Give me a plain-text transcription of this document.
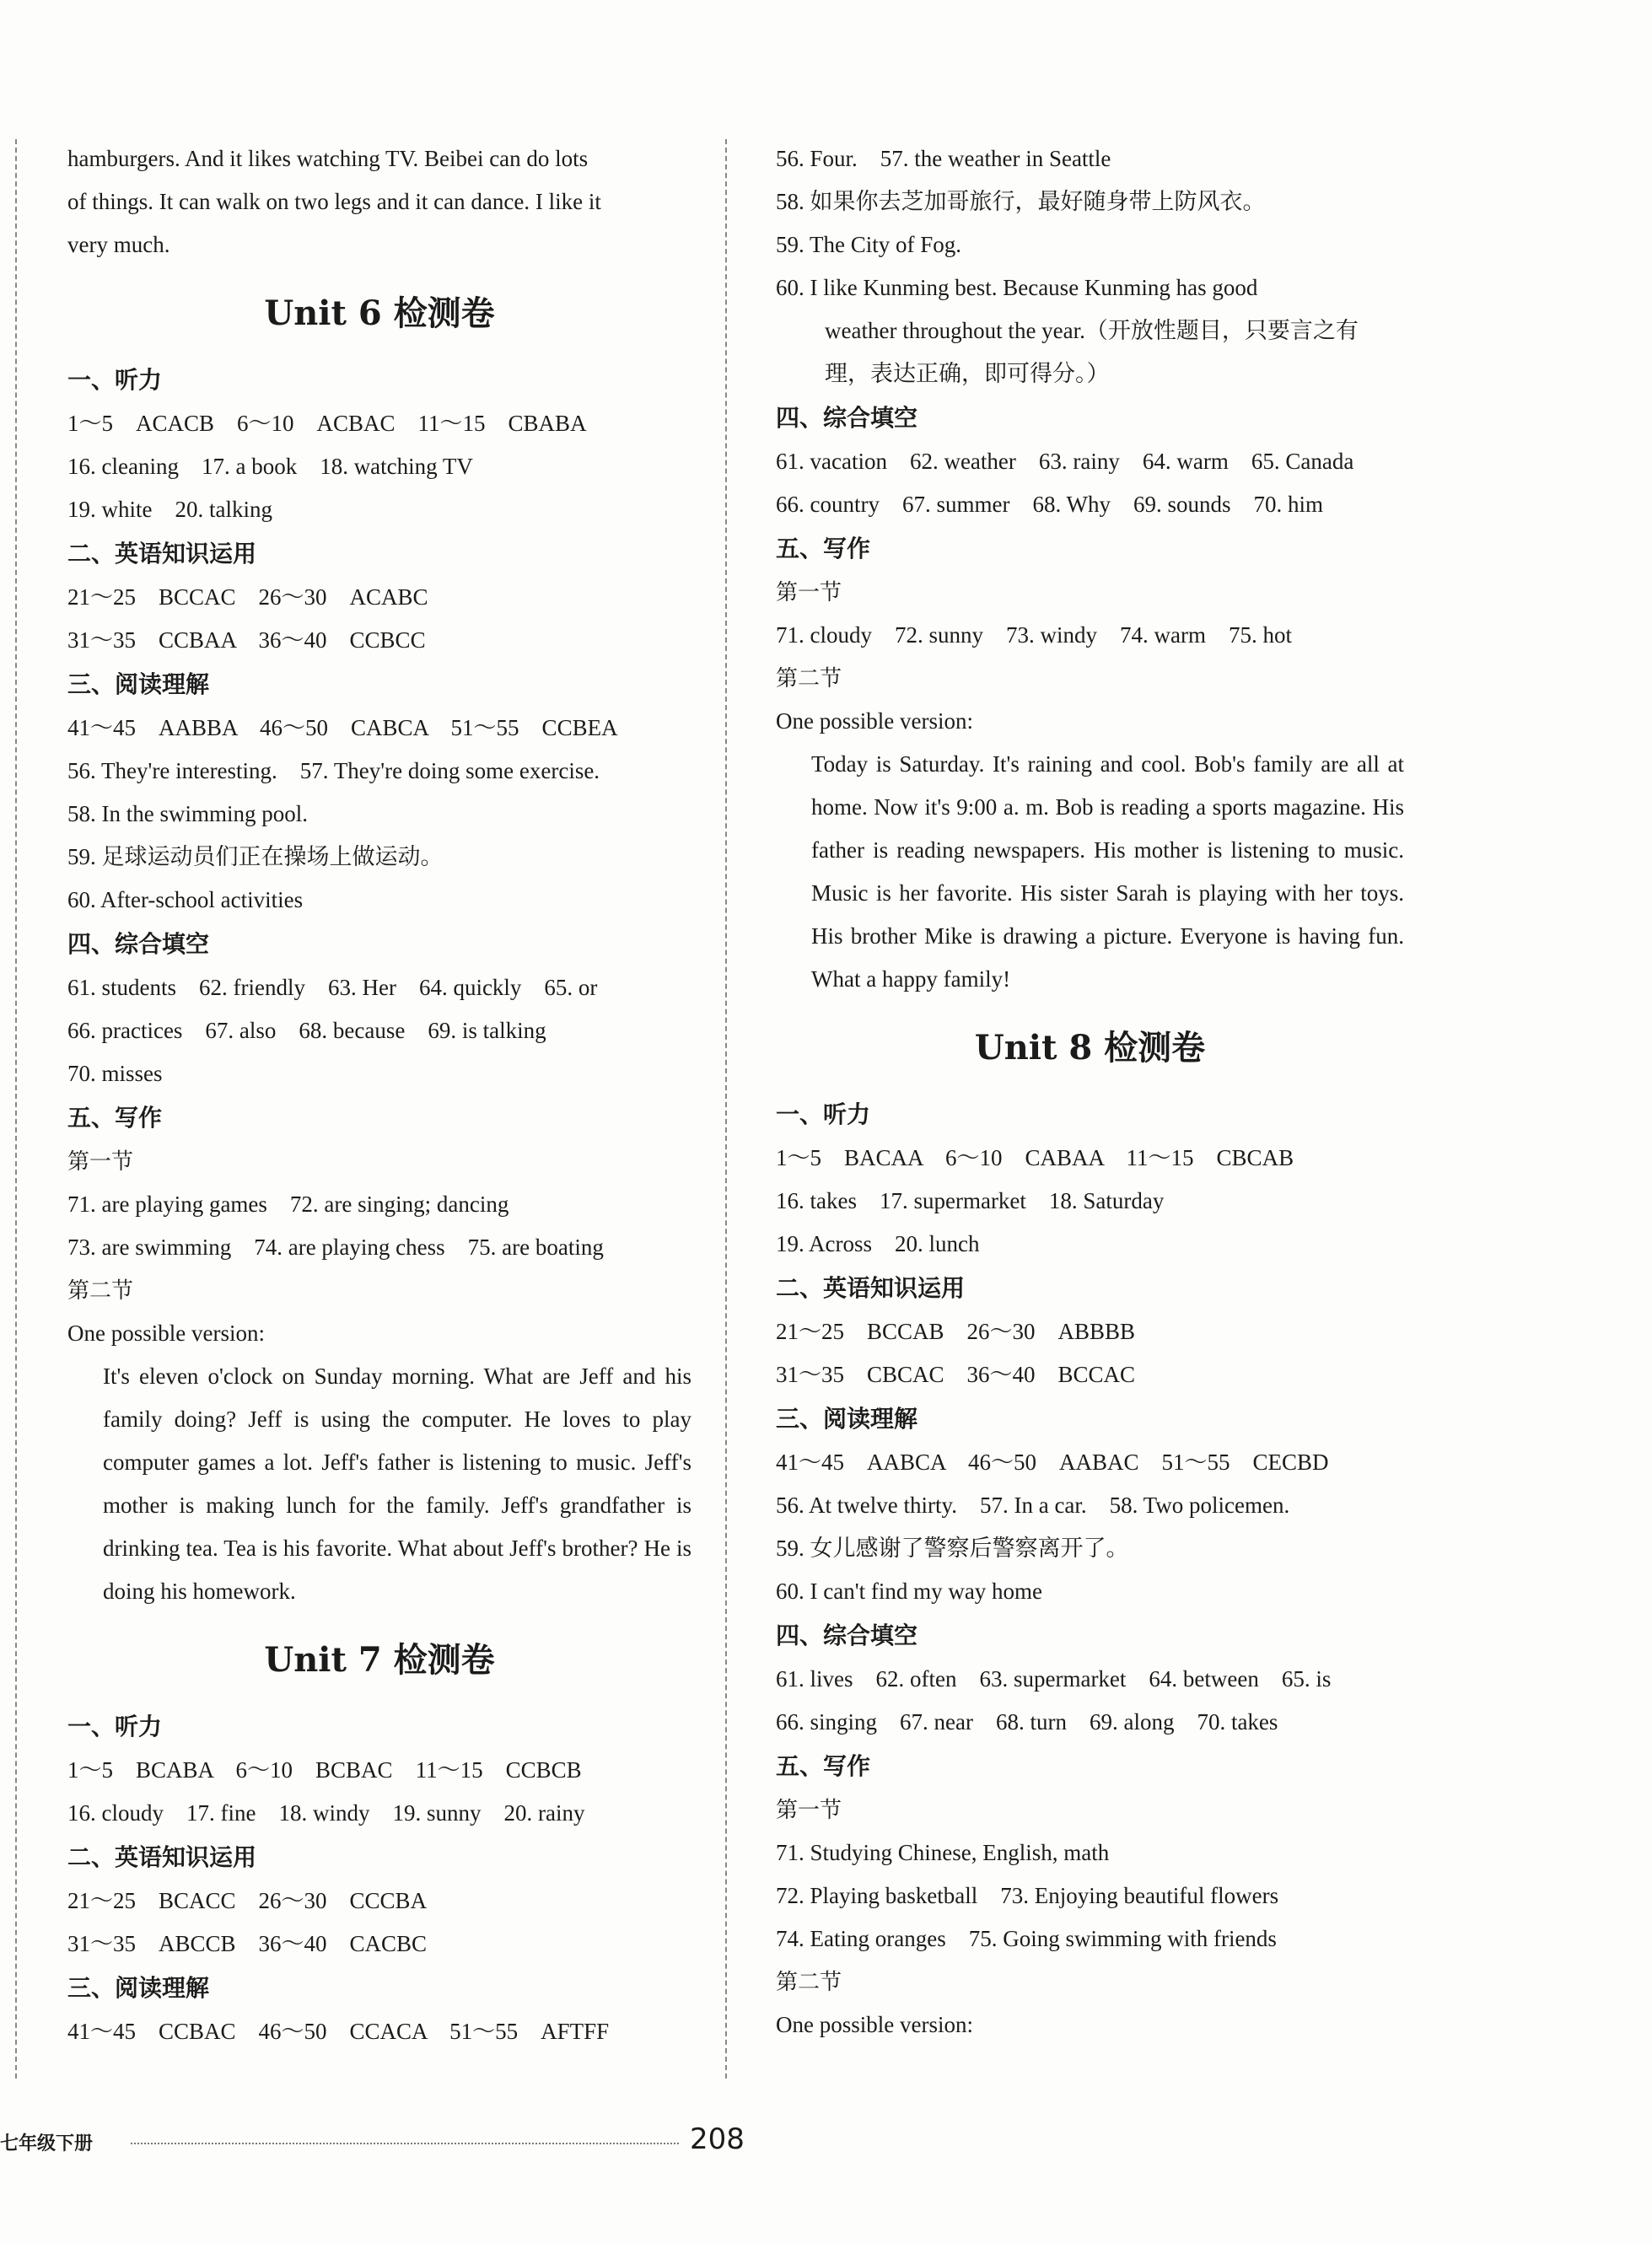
hamburgers. And it likes watching TV. Beibei can do lots
of things. It can walk on two legs and it can dance. I like it
very much.
Unit 6 检测卷
一、听力
1～5　ACACB　6～10　ACBAC　11～15　CBABA
16. cleaning　17. a book　18. watching TV
19. white　20. talking
二、英语知识运用
21～25　BCCAC　26～30　ACABC
31～35　CCBAA　36～40　CCBCC
三、阅读理解
41～45　AABBA　46～50　CABCA　51～55　CCBEA
56. They're interesting.　57. They're doing some exercise.
58. In the swimming pool.
59. 足球运动员们正在操场上做运动。
60. After-school activities
四、综合填空
61. students　62. friendly　63. Her　64. quickly　65. or
66. practices　67. also　68. because　69. is talking
70. misses
五、写作
第一节
71. are playing games　72. are singing; dancing
73. are swimming　74. are playing chess　75. are boating
第二节
One possible version:
It's eleven o'clock on Sunday morning. What are Jeff and his family doing? Jeff is using the computer. He loves to play computer games a lot. Jeff's father is listening to music. Jeff's mother is making lunch for the family. Jeff's grandfather is drinking tea. Tea is his favorite. What about Jeff's brother? He is doing his homework.
Unit 7 检测卷
一、听力
1～5　BCABA　6～10　BCBAC　11～15　CCBCB
16. cloudy　17. fine　18. windy　19. sunny　20. rainy
二、英语知识运用
21～25　BCACC　26～30　CCCBA
31～35　ABCCB　36～40　CACBC
三、阅读理解
41～45　CCBAC　46～50　CCACA　51～55　AFTFF
56. Four.　57. the weather in Seattle
58. 如果你去芝加哥旅行，最好随身带上防风衣。
59. The City of Fog.
60. I like Kunming best. Because Kunming has good
weather throughout the year.（开放性题目，只要言之有
理，表达正确，即可得分。）
四、综合填空
61. vacation　62. weather　63. rainy　64. warm　65. Canada
66. country　67. summer　68. Why　69. sounds　70. him
五、写作
第一节
71. cloudy　72. sunny　73. windy　74. warm　75. hot
第二节
One possible version:
Today is Saturday. It's raining and cool. Bob's family are all at home. Now it's 9:00 a. m. Bob is reading a sports magazine. His father is reading newspapers. His mother is listening to music. Music is her favorite. His sister Sarah is playing with her toys. His brother Mike is drawing a picture. Everyone is having fun. What a happy family!
Unit 8 检测卷
一、听力
1～5　BACAA　6～10　CABAA　11～15　CBCAB
16. takes　17. supermarket　18. Saturday
19. Across　20. lunch
二、英语知识运用
21～25　BCCAB　26～30　ABBBB
31～35　CBCAC　36～40　BCCAC
三、阅读理解
41～45　AABCA　46～50　AABAC　51～55　CECBD
56. At twelve thirty.　57. In a car.　58. Two policemen.
59. 女儿感谢了警察后警察离开了。
60. I can't find my way home
四、综合填空
61. lives　62. often　63. supermarket　64. between　65. is
66. singing　67. near　68. turn　69. along　70. takes
五、写作
第一节
71. Studying Chinese, English, math
72. Playing basketball　73. Enjoying beautiful flowers
74. Eating oranges　75. Going swimming with friends
第二节
One possible version:
七年级下册	208
